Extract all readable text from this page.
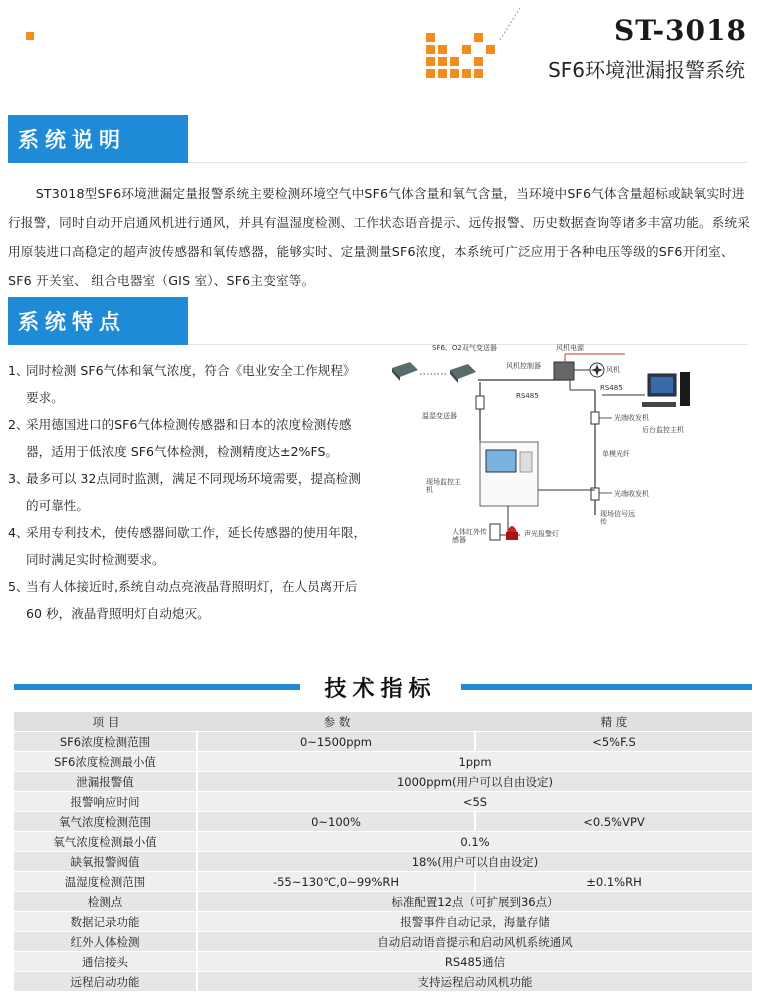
ST-3018
SF6环境泄漏报警系统
系统说明

ST3018型SF6环境泄漏定量报警系统主要检测环境空气中SF6气体含量和氧气含量，当环境中SF6气体含量超标或缺氧实时进行报警，同时自动开启通风机进行通风，并具有温湿度检测、工作状态语音提示、远传报警、历史数据查询等诸多丰富功能。系统采用原装进口高稳定的超声波传感器和氧传感器，能够实时、定量测量SF6浓度，本系统可广泛应用于各种电压等级的SF6开闭室、SF6 开关室、 组合电器室（GIS 室）、SF6主变室等。

系统特点
1、同时检测 SF6气体和氧气浓度，符合《电业安全工作规程》要求。
2、采用德国进口的SF6气体检测传感器和日本的浓度检测传感器，适用于低浓度 SF6气体检测，检测精度达±2%FS。
3、最多可以 32点同时监测，满足不同现场环境需要，提高检测的可靠性。
4、采用专利技术，使传感器间歇工作，延长传感器的使用年限，同时满足实时检测要求。
5、当有人体接近时,系统自动点亮液晶背照明灯，在人员离开后 60 秒，液晶背照明灯自动熄灭。
SF6、O2双气变送器	风机电源
风机控制器	风机
RS485
RS485
温湿变送器	光端收发机
后台监控主机
单模光纤
现场监控主机	光端收发机
现场信号远传
人体红外传感器
声光报警灯
技术指标
项 目	参 数	精 度
SF6浓度检测范围	0~1500ppm	<5%F.S
SF6浓度检测最小值	1ppm	
泄漏报警值	1000ppm(用户可以自由设定)	
报警响应时间	<5S	
氧气浓度检测范围	0~100%	<0.5%VPV
氧气浓度检测最小值	0.1%	
缺氧报警阀值	18%(用户可以自由设定)	
温湿度检测范围	-55~130℃,0~99%RH	±0.1%RH
检测点	标准配置12点（可扩展到36点）	
数据记录功能	报警事件自动记录，海量存储	
红外人体检测	自动启动语音提示和启动风机系统通风	
通信接头	RS485通信	
远程启动功能	支持运程启动风机功能	
